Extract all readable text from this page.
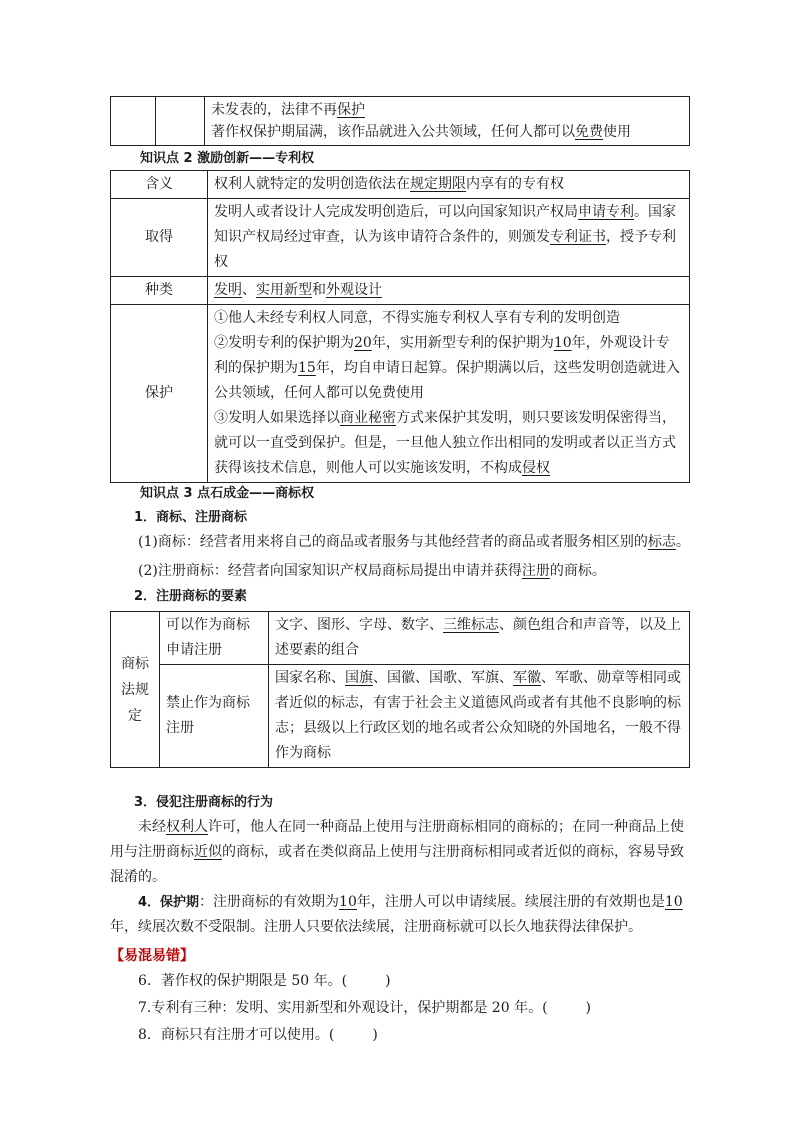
未发表的，法律不再保护
著作权保护期届满，该作品就进入公共领域，任何人都可以免费使用

知识点 2 激励创新——专利权

含义	权利人就特定的发明创造依法在规定期限内享有的专有权
取得	发明人或者设计人完成发明创造后，可以向国家知识产权局申请专利。国家知识产权局经过审查，认为该申请符合条件的，则颁发专利证书，授予专利权
种类	发明、实用新型和外观设计
保护	①他人未经专利权人同意，不得实施专利权人享有专利的发明创造
②发明专利的保护期为20年，实用新型专利的保护期为10年，外观设计专利的保护期为15年，均自申请日起算。保护期满以后，这些发明创造就进入公共领域，任何人都可以免费使用
③发明人如果选择以商业秘密方式来保护其发明，则只要该发明保密得当，就可以一直受到保护。但是，一旦他人独立作出相同的发明或者以正当方式获得该技术信息，则他人可以实施该发明，不构成侵权

知识点 3 点石成金——商标权

1．商标、注册商标

(1)商标：经营者用来将自己的商品或者服务与其他经营者的商品或者服务相区别的标志。

(2)注册商标：经营者向国家知识产权局商标局提出申请并获得注册的商标。

2．注册商标的要素

商标法规定	可以作为商标申请注册	文字、图形、字母、数字、三维标志、颜色组合和声音等，以及上述要素的组合
	禁止作为商标注册	国家名称、国旗、国徽、国歌、军旗、军徽、军歌、勋章等相同或者近似的标志，有害于社会主义道德风尚或者有其他不良影响的标志；县级以上行政区划的地名或者公众知晓的外国地名，一般不得作为商标

3．侵犯注册商标的行为

未经权利人许可，他人在同一种商品上使用与注册商标相同的商标的；在同一种商品上使用与注册商标近似的商标，或者在类似商品上使用与注册商标相同或者近似的商标，容易导致混淆的。

4．保护期：注册商标的有效期为10年，注册人可以申请续展。续展注册的有效期也是10年，续展次数不受限制。注册人只要依法续展，注册商标就可以长久地获得法律保护。

【易混易错】

6．著作权的保护期限是 50 年。(	)

7.专利有三种：发明、实用新型和外观设计，保护期都是 20 年。(	)

8．商标只有注册才可以使用。(	)
